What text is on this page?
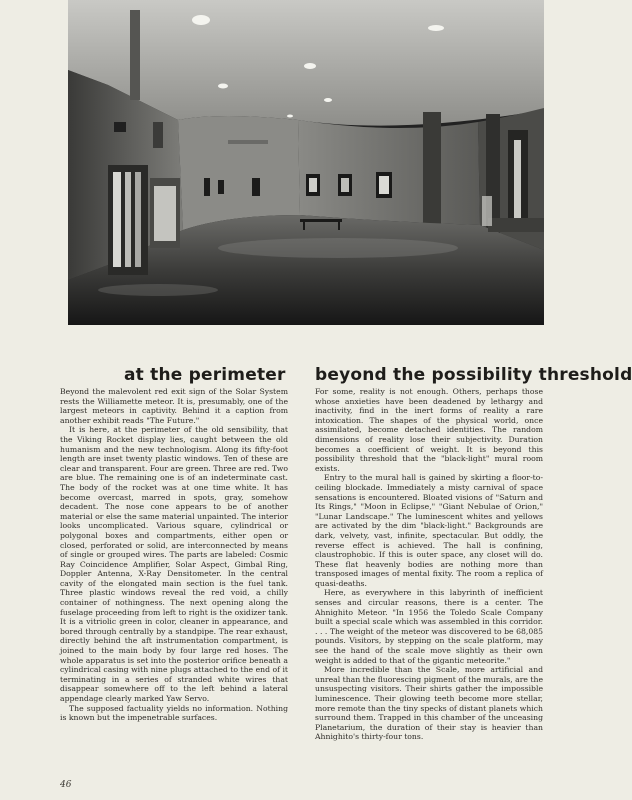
at the perimeter beyond the possibility threshold

Beyond the malevolent red exit sign of the Solar System rests the Williamette meteor. It is, presumably, one of the largest meteors in captivity. Behind it a caption from another exhibit reads "The Future."

It is here, at the perimeter of the old sensibility, that the Viking Rocket display lies, caught between the old humanism and the new technologism. Along its fifty-foot length are inset twenty plastic windows. Ten of these are clear and transparent. Four are green. Three are red. Two are blue. The remaining one is of an indeterminate cast. The body of the rocket was at one time white. It has become overcast, marred in spots, gray, somehow decadent. The nose cone appears to be of another material or else the same material unpainted. The interior looks uncomplicated. Various square, cylindrical or polygonal boxes and compartments, either open or closed, perforated or solid, are interconnected by means of single or grouped wires. The parts are labeled: Cosmic Ray Coincidence Amplifier, Solar Aspect, Gimbal Ring, Doppler Antenna, X-Ray Densitometer. In the central cavity of the elongated main section is the fuel tank. Three plastic windows reveal the red void, a chilly container of nothingness. The next opening along the fuselage proceeding from left to right is the oxidizer tank. It is a vitriolic green in color, cleaner in appearance, and bored through centrally by a standpipe. The rear exhaust, directly behind the aft instrumentation compartment, is joined to the main body by four large red hoses. The whole apparatus is set into the posterior orifice beneath a cylindrical casing with nine plugs attached to the end of it terminating in a series of stranded white wires that disappear somewhere off to the left behind a lateral appendage clearly marked Yaw Servo.

The supposed factuality yields no information. Nothing is known but the impenetrable surfaces.

For some, reality is not enough. Others, perhaps those whose anxieties have been deadened by lethargy and inactivity, find in the inert forms of reality a rare intoxication. The shapes of the physical world, once assimilated, become detached identities. The random dimensions of reality lose their subjectivity. Duration becomes a coefficient of weight. It is beyond this possibility threshold that the "black-light" mural room exists.

Entry to the mural hall is gained by skirting a floor-to-ceiling blockade. Immediately a misty carnival of space sensations is encountered. Bloated visions of "Saturn and Its Rings," "Moon in Eclipse," "Giant Nebulae of Orion," "Lunar Landscape." The luminescent whites and yellows are activated by the dim "black-light." Backgrounds are dark, velvety, vast, infinite, spectacular. But oddly, the reverse effect is achieved. The hall is confining, claustrophobic. If this is outer space, any closet will do. These flat heavenly bodies are nothing more than transposed images of mental fixity. The room a replica of quasi-deaths.

Here, as everywhere in this labyrinth of inefficient senses and circular reasons, there is a center. The Ahnighito Meteor. "In 1956 the Toledo Scale Company built a special scale which was assembled in this corridor. . . . The weight of the meteor was discovered to be 68,085 pounds. Visitors, by stepping on the scale platform, may see the hand of the scale move slightly as their own weight is added to that of the gigantic meteorite."

More incredible than the Scale, more artificial and unreal than the fluorescing pigment of the murals, are the unsuspecting visitors. Their shirts gather the impossible luminescence. Their glowing teeth become more stellar, more remote than the tiny specks of distant planets which surround them. Trapped in this chamber of the unceasing Planetarium, the duration of their stay is heavier than Ahnighito's thirty-four tons.

46
